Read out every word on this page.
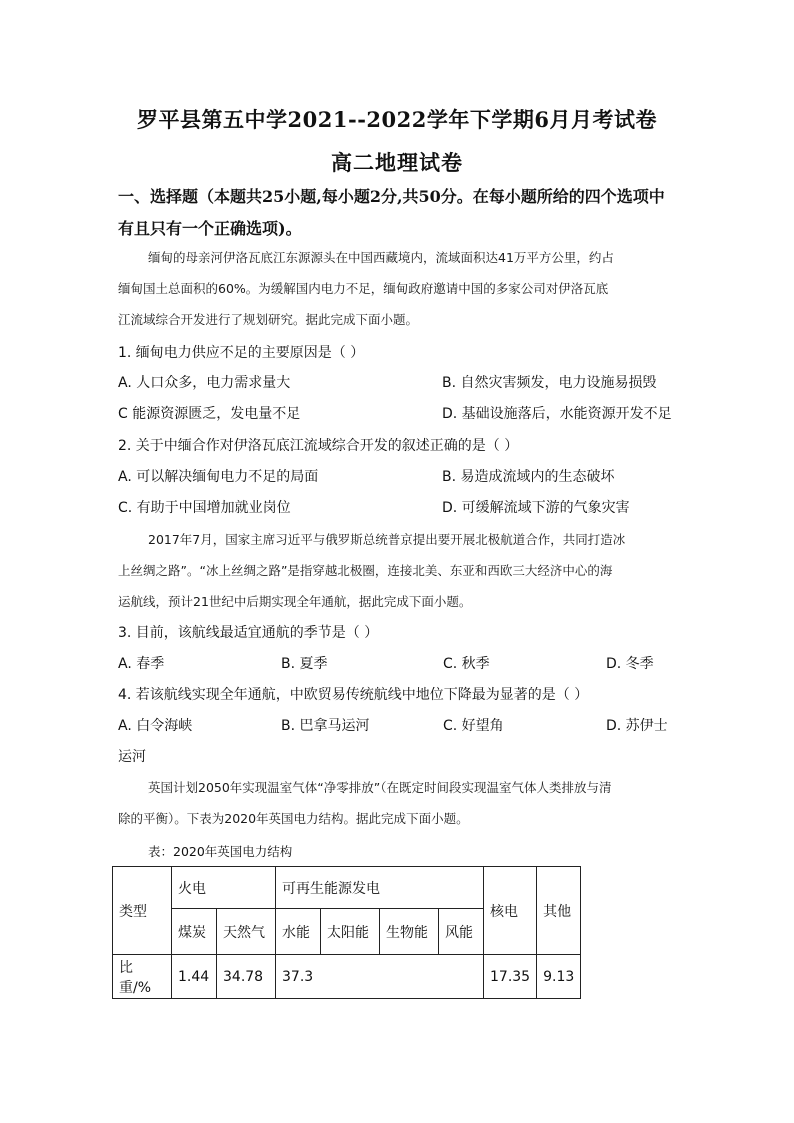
罗平县第五中学2021--2022学年下学期6月月考试卷
高二地理试卷
一、选择题（本题共25小题,每小题2分,共50分。在每小题所给的四个选项中
有且只有一个正确选项)。
缅甸的母亲河伊洛瓦底江东源源头在中国西藏境内，流域面积达41万平方公里，约占
缅甸国土总面积的60%。为缓解国内电力不足，缅甸政府邀请中国的多家公司对伊洛瓦底
江流域综合开发进行了规划研究。据此完成下面小题。
1. 缅甸电力供应不足的主要原因是（ ）
A. 人口众多，电力需求量大	B. 自然灾害频发，电力设施易损毁
C 能源资源匮乏，发电量不足	D. 基础设施落后，水能资源开发不足
2. 关于中缅合作对伊洛瓦底江流域综合开发的叙述正确的是（ ）
A. 可以解决缅甸电力不足的局面	B. 易造成流域内的生态破坏
C. 有助于中国增加就业岗位	D. 可缓解流域下游的气象灾害
2017年7月，国家主席习近平与俄罗斯总统普京提出要开展北极航道合作，共同打造冰
上丝绸之路”。“冰上丝绸之路”是指穿越北极圈，连接北美、东亚和西欧三大经济中心的海
运航线，预计21世纪中后期实现全年通航，据此完成下面小题。
3. 目前，该航线最适宜通航的季节是（ ）
A. 春季	B. 夏季	C. 秋季	D. 冬季
4. 若该航线实现全年通航，中欧贸易传统航线中地位下降最为显著的是（ ）
A. 白令海峡	B. 巴拿马运河	C. 好望角	D. 苏伊士
运河
英国计划2050年实现温室气体“净零排放”（在既定时间段实现温室气体人类排放与清
除的平衡）。下表为2020年英国电力结构。据此完成下面小题。
表：2020年英国电力结构
类型	火电		可再生能源发电				核电	其他
	煤炭	天然气	水能	太阳能	生物能	风能		
比重/%	1.44	34.78	37.3				17.35	9.13
